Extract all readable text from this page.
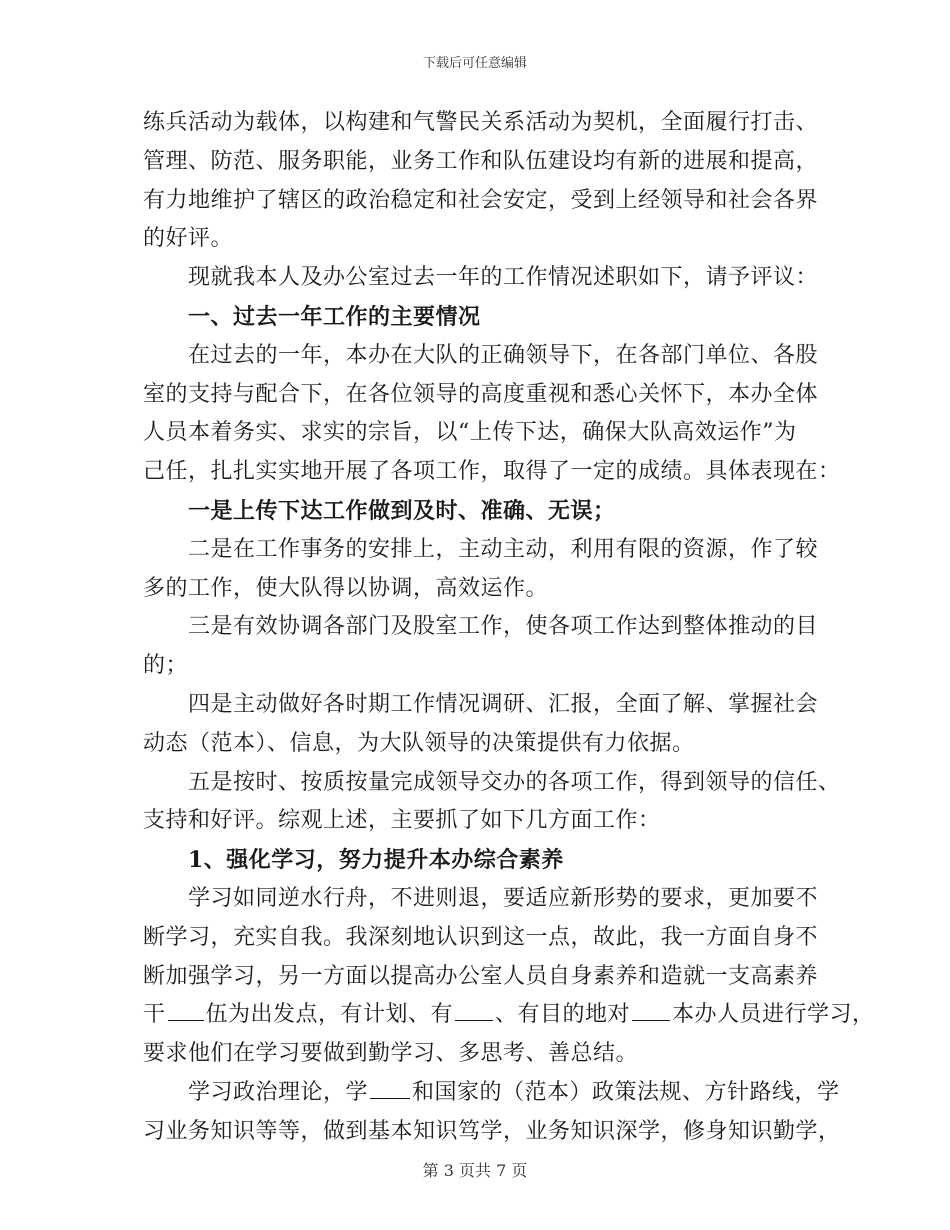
下载后可任意编辑
练兵活动为载体，以构建和气警民关系活动为契机，全面履行打击、
管理、防范、服务职能，业务工作和队伍建设均有新的进展和提高，
有力地维护了辖区的政治稳定和社会安定，受到上经领导和社会各界
的好评。
现就我本人及办公室过去一年的工作情况述职如下，请予评议：
一、过去一年工作的主要情况
在过去的一年，本办在大队的正确领导下，在各部门单位、各股
室的支持与配合下，在各位领导的高度重视和悉心关怀下，本办全体
人员本着务实、求实的宗旨，以“上传下达，确保大队高效运作”为
己任，扎扎实实地开展了各项工作，取得了一定的成绩。具体表现在：
一是上传下达工作做到及时、准确、无误；
二是在工作事务的安排上，主动主动，利用有限的资源，作了较
多的工作，使大队得以协调，高效运作。
三是有效协调各部门及股室工作，使各项工作达到整体推动的目
的；
四是主动做好各时期工作情况调研、汇报，全面了解、掌握社会
动态（范本）、信息，为大队领导的决策提供有力依据。
五是按时、按质按量完成领导交办的各项工作，得到领导的信任、
支持和好评。综观上述，主要抓了如下几方面工作：
1、强化学习，努力提升本办综合素养
学习如同逆水行舟，不进则退，要适应新形势的要求，更加要不
断学习，充实自我。我深刻地认识到这一点，故此，我一方面自身不
断加强学习，另一方面以提高办公室人员自身素养和造就一支高素养
干 伍为出发点，有计划、有 、有目的地对 本办人员进行学习，
要求他们在学习要做到勤学习、多思考、善总结。
学习政治理论，学 和国家的（范本）政策法规、方针路线，学
习业务知识等等，做到基本知识笃学，业务知识深学，修身知识勤学，
第 3 页共 7 页
